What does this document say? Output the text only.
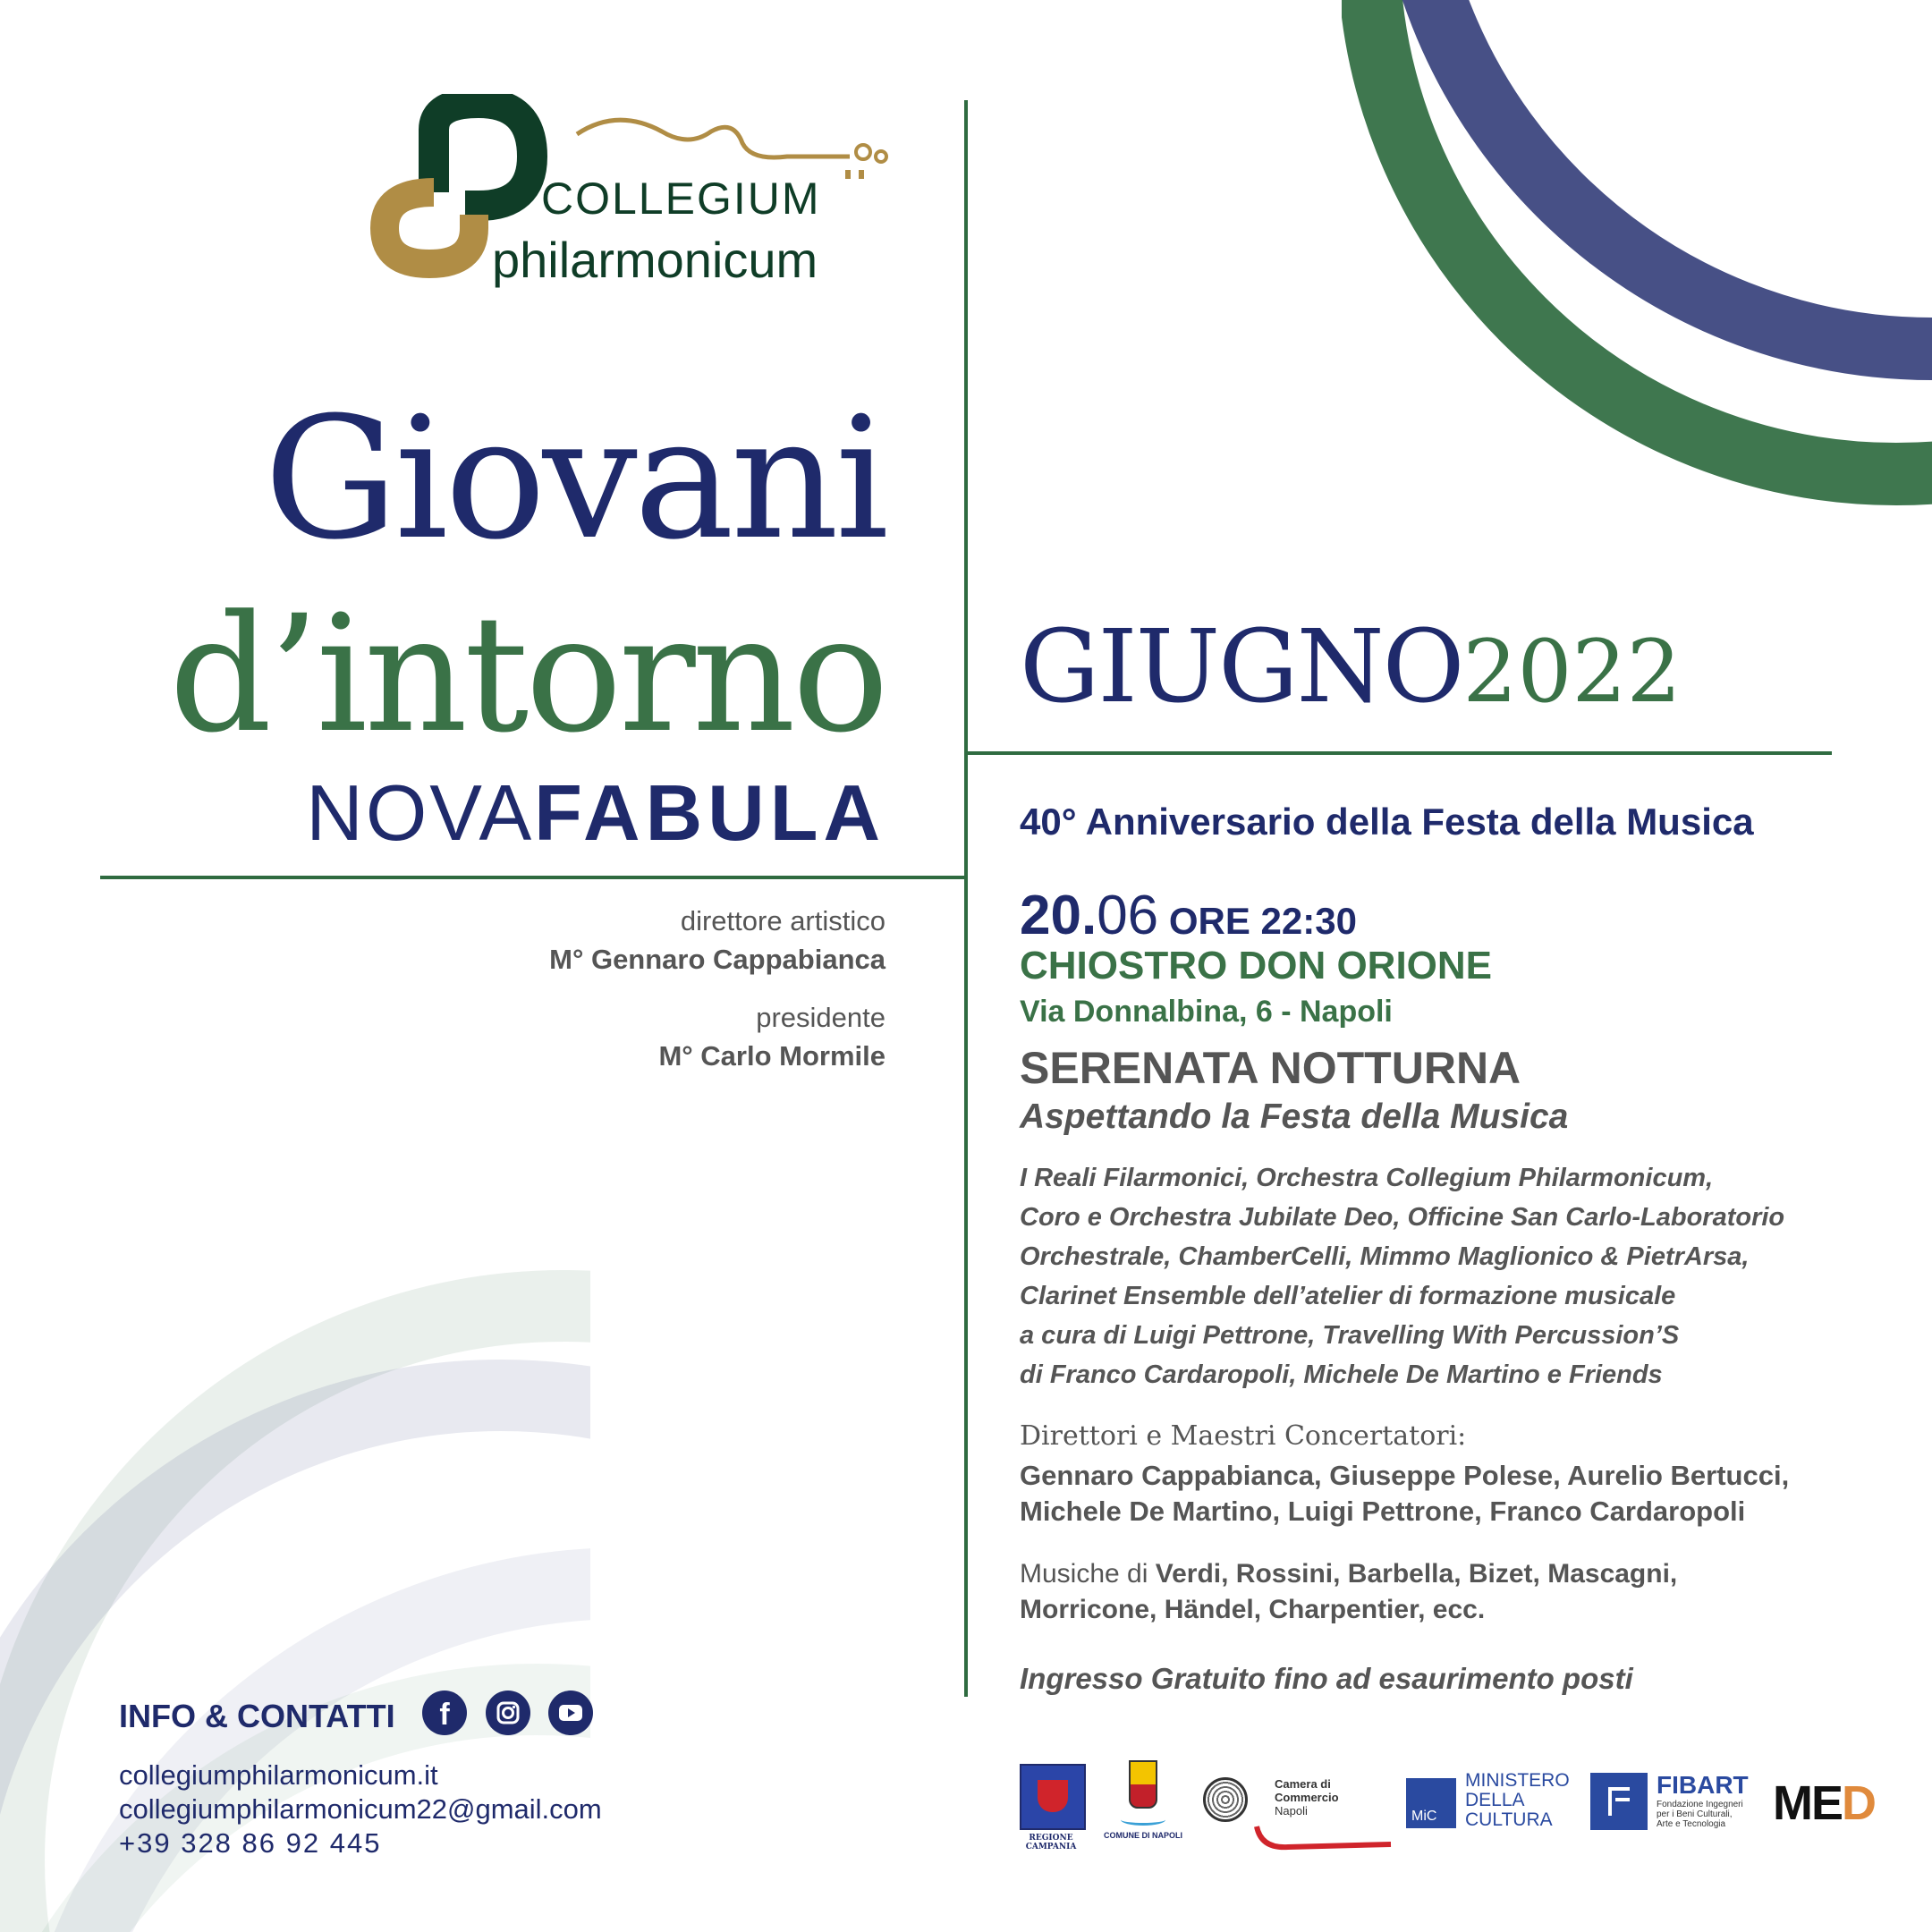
COLLEGIUM
philarmonicum
Giovani
d’intorno
NOVAFABULA
direttore artistico
M° Gennaro Cappabianca
presidente
M° Carlo Mormile
GIUGNO2022
40° Anniversario della Festa della Musica
20.06 ORE 22:30
CHIOSTRO DON ORIONE
Via Donnalbina, 6 - Napoli
SERENATA NOTTURNA
Aspettando la Festa della Musica
I Reali Filarmonici, Orchestra Collegium Philarmonicum,
Coro e Orchestra Jubilate Deo, Officine San Carlo-Laboratorio
Orchestrale, ChamberCelli, Mimmo Maglionico & PietrArsa,
Clarinet Ensemble dell’atelier di formazione musicale
a cura di Luigi Pettrone, Travelling With Percussion’S
di Franco Cardaropoli, Michele De Martino e Friends
Direttori e Maestri Concertatori:
Gennaro Cappabianca, Giuseppe Polese, Aurelio Bertucci,
Michele De Martino, Luigi Pettrone, Franco Cardaropoli
Musiche di Verdi, Rossini, Barbella, Bizet, Mascagni,
Morricone, Händel, Charpentier, ecc.
Ingresso Gratuito fino ad esaurimento posti
INFO & CONTATTI f
collegiumphilarmonicum.it
collegiumphilarmonicum22@gmail.com
+39 328 86 92 445	REGIONE CAMPANIA
COMUNE DI NAPOLI
Camera di Commercio
Napoli	MiC
MINISTERO
DELLA
CULTURA
FIBART
Fondazione Ingegneri
per i Beni Culturali,
Arte e Tecnologia MED
